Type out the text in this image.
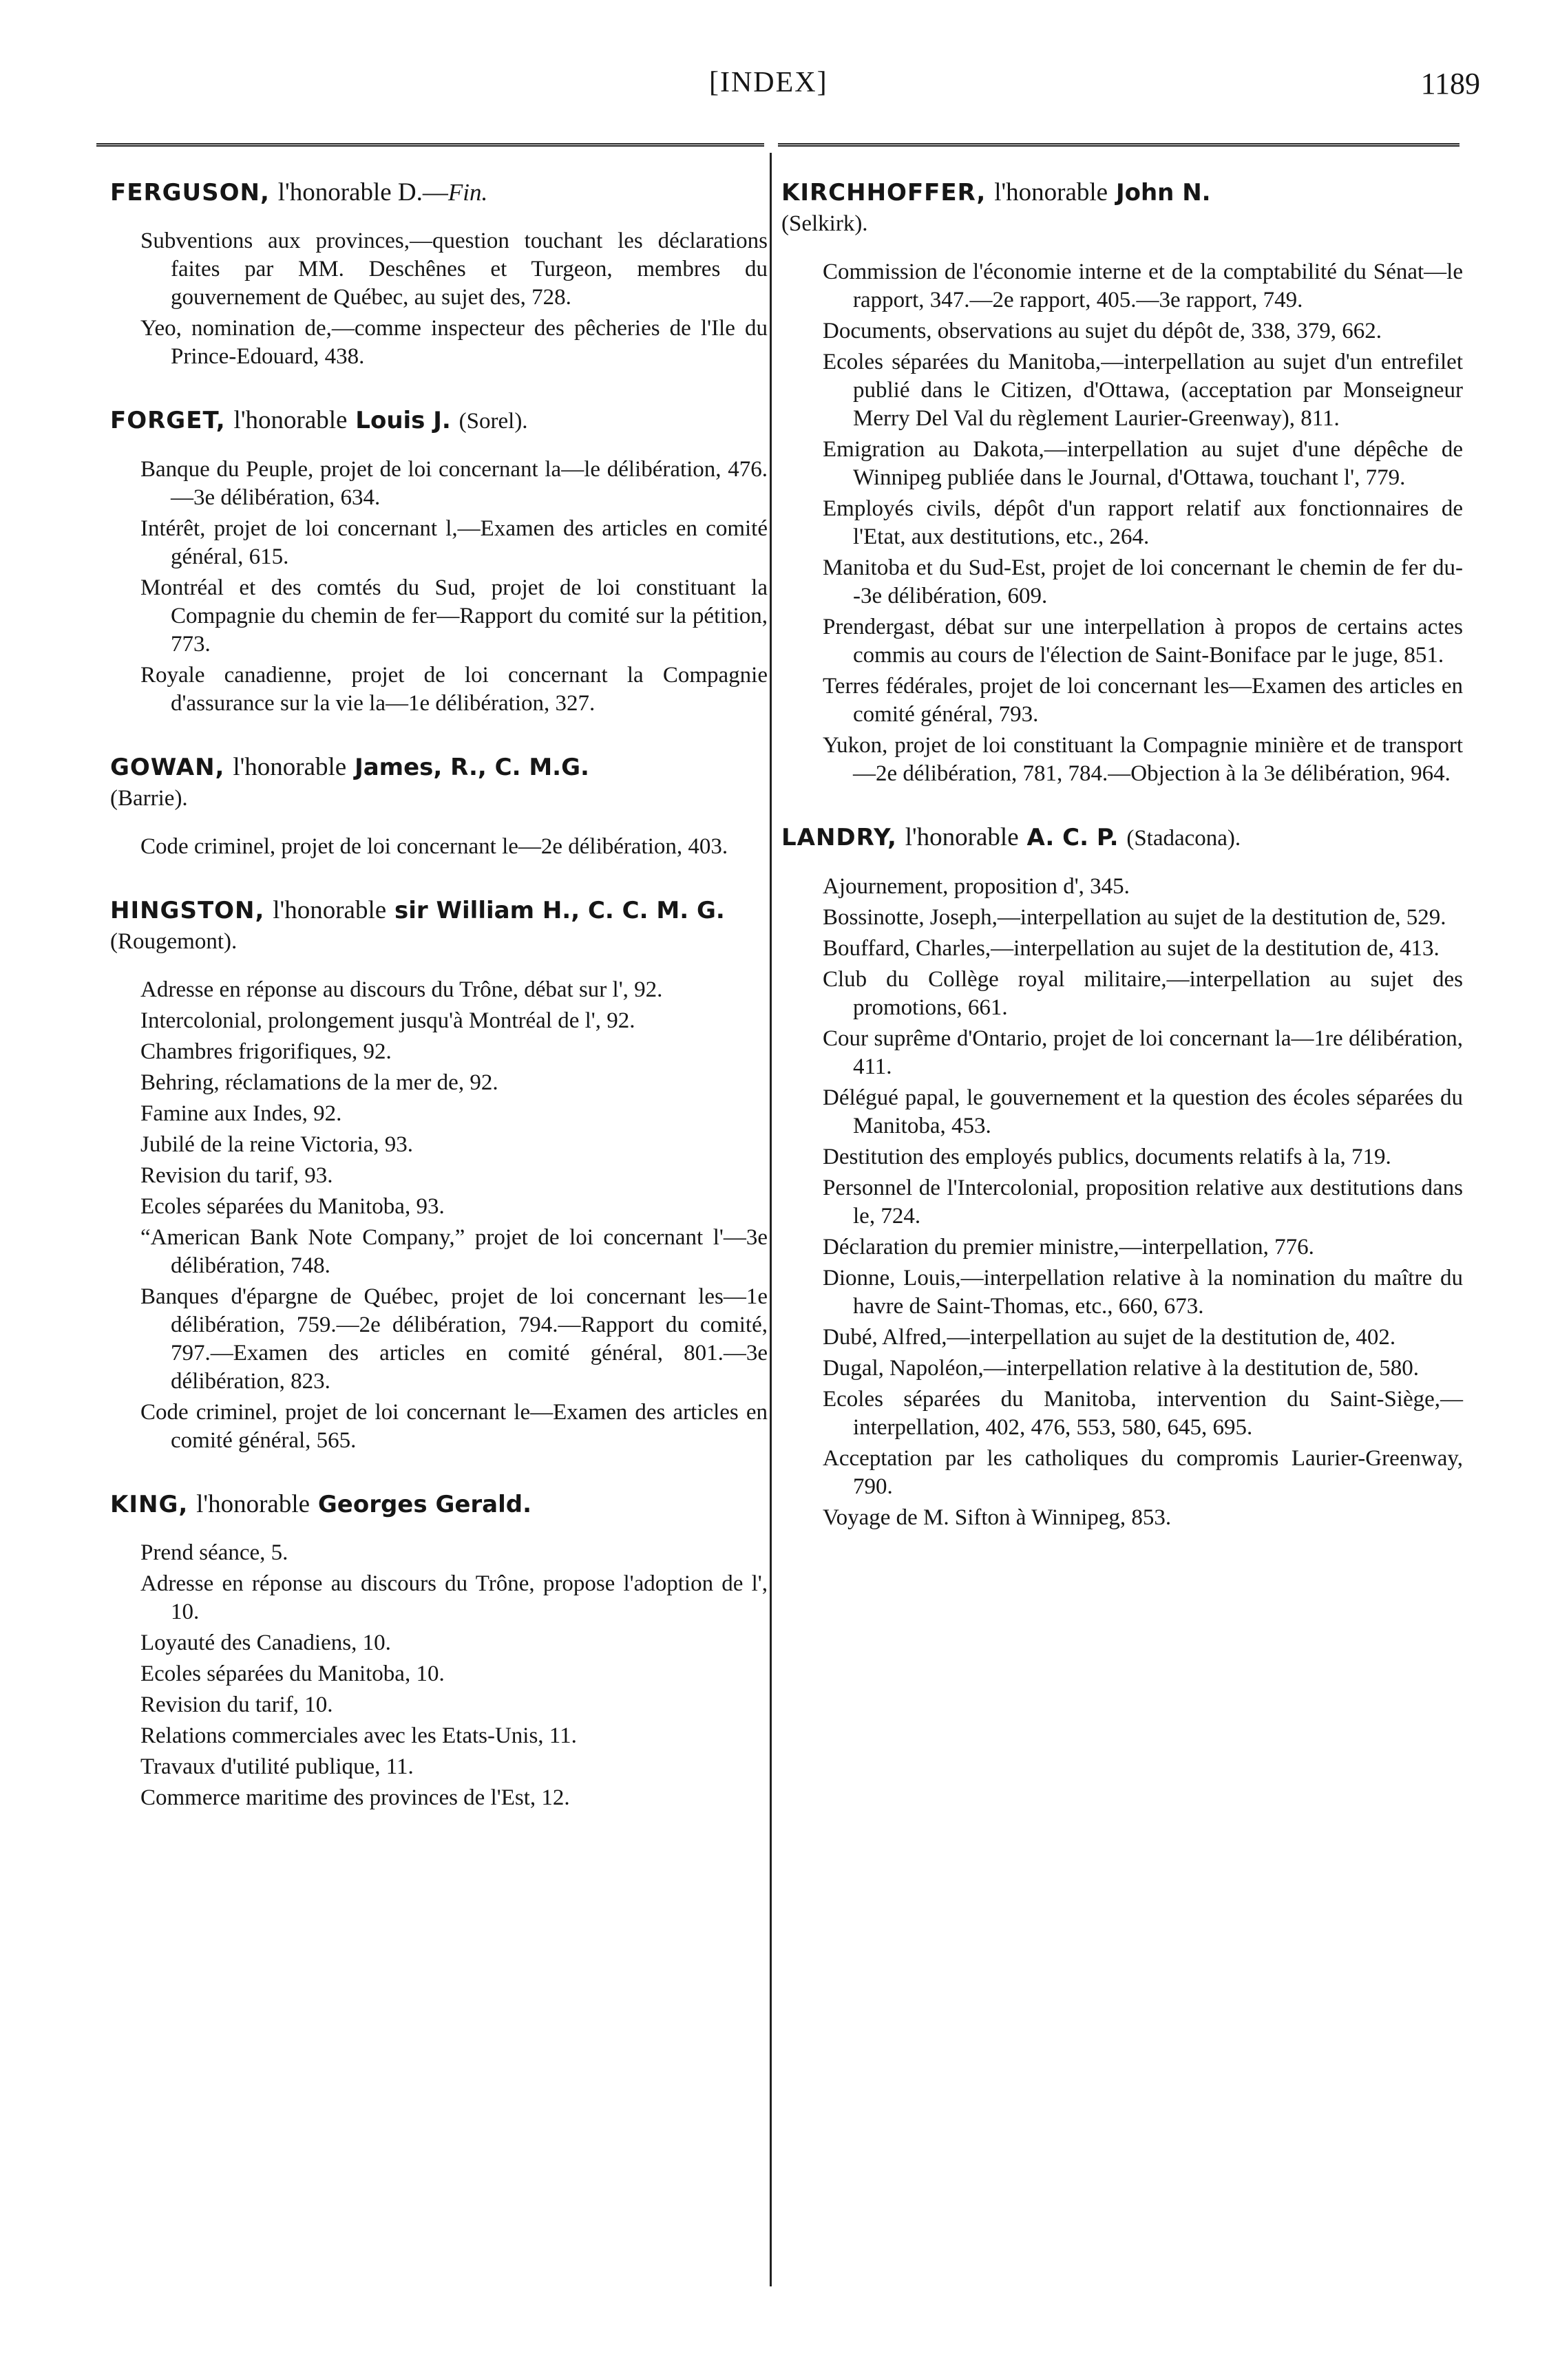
[INDEX]	1189
FERGUSON, l'honorable D.—Fin.
Subventions aux provinces,—question touchant les déclarations faites par MM. Deschênes et Turgeon, membres du gouvernement de Québec, au sujet des, 728.
Yeo, nomination de,—comme inspecteur des pêcheries de l'Ile du Prince-Edouard, 438.
FORGET, l'honorable Louis J. (Sorel).
Banque du Peuple, projet de loi concernant la—le délibération, 476.—3e délibération, 634.
Intérêt, projet de loi concernant l,—Examen des articles en comité général, 615.
Montréal et des comtés du Sud, projet de loi constituant la Compagnie du chemin de fer—Rapport du comité sur la pétition, 773.
Royale canadienne, projet de loi concernant la Compagnie d'assurance sur la vie la—1e délibération, 327.
GOWAN, l'honorable James, R., C. M.G.
(Barrie).
Code criminel, projet de loi concernant le—2e délibération, 403.
HINGSTON, l'honorable sir William H., C. C. M. G. (Rougemont).
Adresse en réponse au discours du Trône, débat sur l', 92.
Intercolonial, prolongement jusqu'à Montréal de l', 92.
Chambres frigorifiques, 92.
Behring, réclamations de la mer de, 92.
Famine aux Indes, 92.
Jubilé de la reine Victoria, 93.
Revision du tarif, 93.
Ecoles séparées du Manitoba, 93.
“American Bank Note Company,” projet de loi concernant l'—3e délibération, 748.
Banques d'épargne de Québec, projet de loi concernant les—1e délibération, 759.—2e délibération, 794.—Rapport du comité, 797.—Examen des articles en comité général, 801.—3e délibération, 823.
Code criminel, projet de loi concernant le—Examen des articles en comité général, 565.
KING, l'honorable Georges Gerald.
Prend séance, 5.
Adresse en réponse au discours du Trône, propose l'adoption de l', 10.
Loyauté des Canadiens, 10.
Ecoles séparées du Manitoba, 10.
Revision du tarif, 10.
Relations commerciales avec les Etats-Unis, 11.
Travaux d'utilité publique, 11.
Commerce maritime des provinces de l'Est, 12.
KIRCHHOFFER, l'honorable John N.
(Selkirk).
Commission de l'économie interne et de la comptabilité du Sénat—le rapport, 347.—2e rapport, 405.—3e rapport, 749.
Documents, observations au sujet du dépôt de, 338, 379, 662.
Ecoles séparées du Manitoba,—interpellation au sujet d'un entrefilet publié dans le Citizen, d'Ottawa, (acceptation par Monseigneur Merry Del Val du règlement Laurier-Greenway), 811.
Emigration au Dakota,—interpellation au sujet d'une dépêche de Winnipeg publiée dans le Journal, d'Ottawa, touchant l', 779.
Employés civils, dépôt d'un rapport relatif aux fonctionnaires de l'Etat, aux destitutions, etc., 264.
Manitoba et du Sud-Est, projet de loi concernant le chemin de fer du- -3e délibération, 609.
Prendergast, débat sur une interpellation à propos de certains actes commis au cours de l'élection de Saint-Boniface par le juge, 851.
Terres fédérales, projet de loi concernant les—Examen des articles en comité général, 793.
Yukon, projet de loi constituant la Compagnie minière et de transport—2e délibération, 781, 784.—Objection à la 3e délibération, 964.
LANDRY, l'honorable A. C. P. (Stadacona).
Ajournement, proposition d', 345.
Bossinotte, Joseph,—interpellation au sujet de la destitution de, 529.
Bouffard, Charles,—interpellation au sujet de la destitution de, 413.
Club du Collège royal militaire,—interpellation au sujet des promotions, 661.
Cour suprême d'Ontario, projet de loi concernant la—1re délibération, 411.
Délégué papal, le gouvernement et la question des écoles séparées du Manitoba, 453.
Destitution des employés publics, documents relatifs à la, 719.
Personnel de l'Intercolonial, proposition relative aux destitutions dans le, 724.
Déclaration du premier ministre,—interpellation, 776.
Dionne, Louis,—interpellation relative à la nomination du maître du havre de Saint-Thomas, etc., 660, 673.
Dubé, Alfred,—interpellation au sujet de la destitution de, 402.
Dugal, Napoléon,—interpellation relative à la destitution de, 580.
Ecoles séparées du Manitoba, intervention du Saint-Siège,—interpellation, 402, 476, 553, 580, 645, 695.
Acceptation par les catholiques du compromis Laurier-Greenway, 790.
Voyage de M. Sifton à Winnipeg, 853.
